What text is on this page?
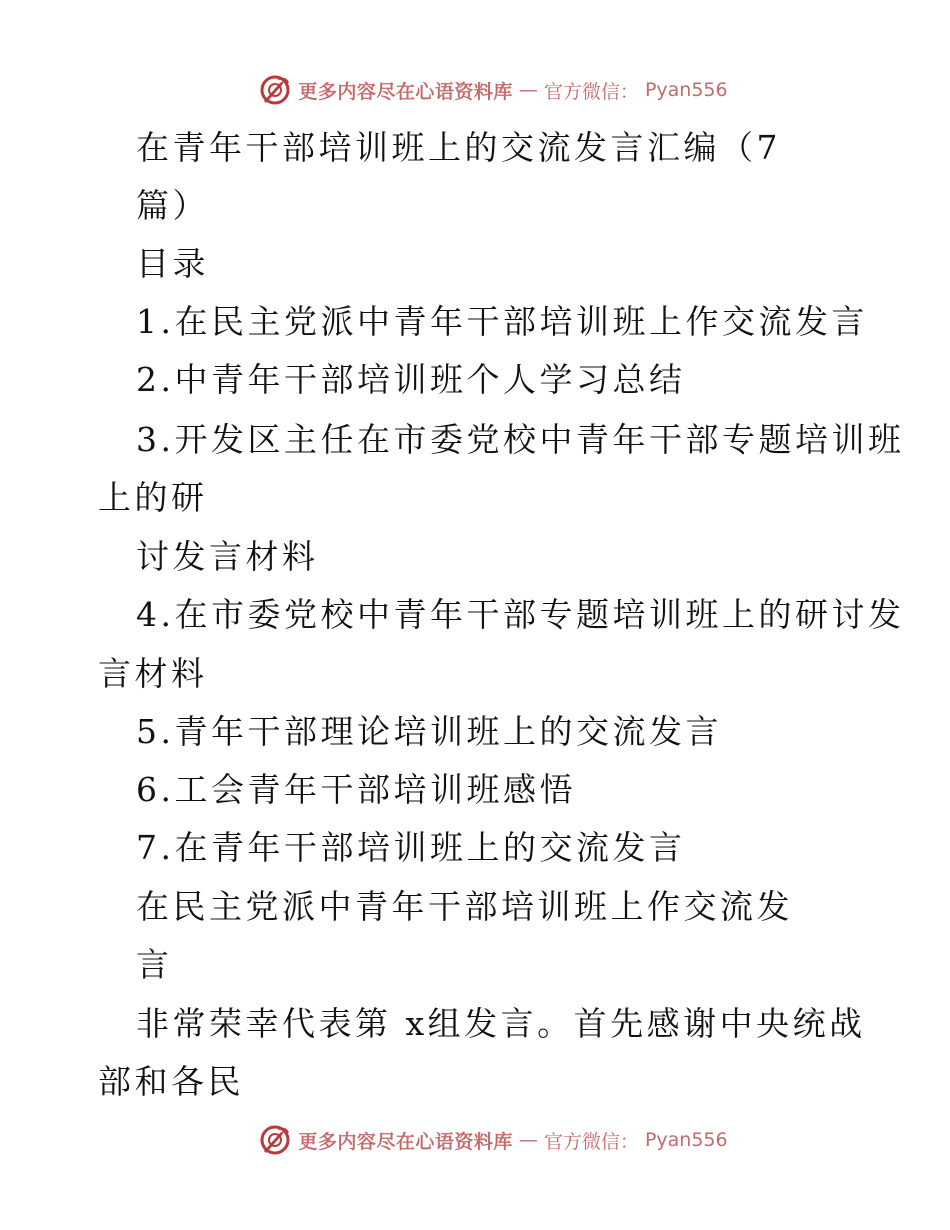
更多内容尽在心语资料库 — 官方微信： Pyan556
在青年干部培训班上的交流发言汇编（7
篇）
目录
1.在民主党派中青年干部培训班上作交流发言
2.中青年干部培训班个人学习总结
3.开发区主任在市委党校中青年干部专题培训班
上的研
讨发言材料
4.在市委党校中青年干部专题培训班上的研讨发
言材料
5.青年干部理论培训班上的交流发言
6.工会青年干部培训班感悟
7.在青年干部培训班上的交流发言
在民主党派中青年干部培训班上作交流发
言
非常荣幸代表第 x组发言。首先感谢中央统战
部和各民
更多内容尽在心语资料库 — 官方微信： Pyan556
